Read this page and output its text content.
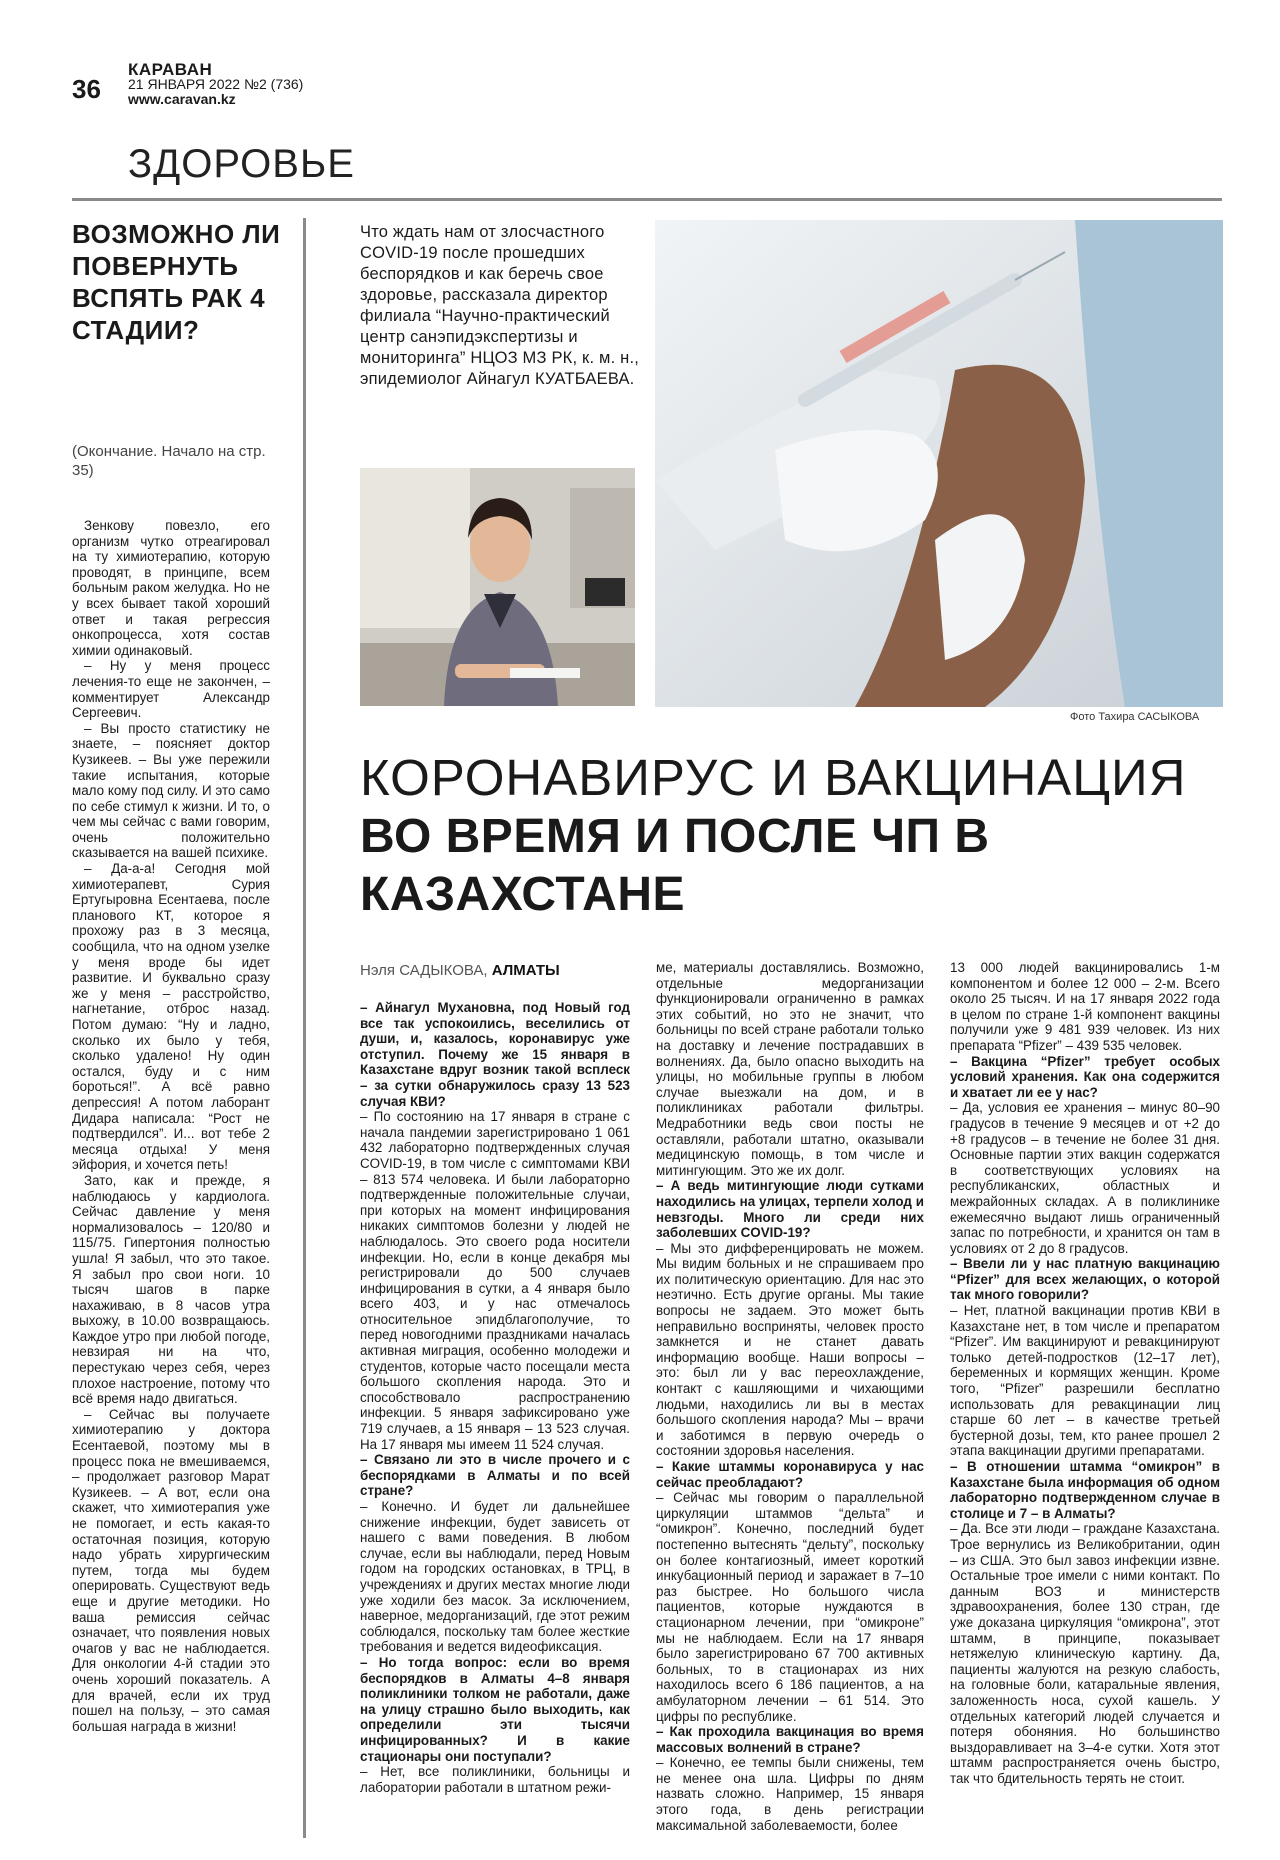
36
КАРАВАН
21 ЯНВАРЯ 2022 №2 (736)
www.caravan.kz
ЗДОРОВЬЕ
ВОЗМОЖНО ЛИ ПОВЕРНУТЬ ВСПЯТЬ РАК 4 СТАДИИ?
(Окончание. Начало на стр. 35)

Зенкову повезло, его организм чутко отреагировал на ту химиотерапию, которую проводят, в принципе, всем больным раком желудка. Но не у всех бывает такой хороший ответ и такая регрессия онкопроцесса, хотя состав химии одинаковый.

– Ну у меня процесс лечения-то еще не закончен, – комментирует Александр Сергеевич.

– Вы просто статистику не знаете, – поясняет доктор Кузикеев. – Вы уже пережили такие испытания, которые мало кому под силу. И это само по себе стимул к жизни. И то, о чем мы сейчас с вами говорим, очень положительно сказывается на вашей психике.

– Да-а-а! Сегодня мой химиотерапевт, Сурия Ертугыровна Есентаева, после планового КТ, которое я прохожу раз в 3 месяца, сообщила, что на одном узелке у меня вроде бы идет развитие. И буквально сразу же у меня – расстройство, нагнетание, отброс назад. Потом думаю: “Ну и ладно, сколько их было у тебя, сколько удалено! Ну один остался, буду и с ним бороться!”. А всё равно депрессия! А потом лаборант Дидара написала: “Рост не подтвердился”. И... вот тебе 2 месяца отдыха! У меня эйфория, и хочется петь!

Зато, как и прежде, я наблюдаюсь у кардиолога. Сейчас давление у меня нормализовалось – 120/80 и 115/75. Гипертония полностью ушла! Я забыл, что это такое. Я забыл про свои ноги. 10 тысяч шагов в парке нахаживаю, в 8 часов утра выхожу, в 10.00 возвращаюсь. Каждое утро при любой погоде, невзирая ни на что, перестукаю через себя, через плохое настроение, потому что всё время надо двигаться.

– Сейчас вы получаете химиотерапию у доктора Есентаевой, поэтому мы в процесс пока не вмешиваемся, – продолжает разговор Марат Кузикеев. – А вот, если она скажет, что химиотерапия уже не помогает, и есть какая-то остаточная позиция, которую надо убрать хирургическим путем, тогда мы будем оперировать. Существуют ведь еще и другие методики. Но ваша ремиссия сейчас означает, что появления новых очагов у вас не наблюдается. Для онкологии 4-й стадии это очень хороший показатель. А для врачей, если их труд пошел на пользу, – это самая большая награда в жизни!

Что ждать нам от злосчастного COVID-19 после прошедших беспорядков и как беречь свое здоровье, рассказала директор филиала “Научно-практический центр санэпидэкспертизы и мониторинга” НЦОЗ МЗ РК, к. м. н., эпидемиолог Айнагул КУАТБАЕВА.
Фото Тахира САСЫКОВА
КОРОНАВИРУС И ВАКЦИНАЦИЯ
ВО ВРЕМЯ И ПОСЛЕ ЧП В КАЗАХСТАНЕ
Нэля САДЫКОВА, АЛМАТЫ

– Айнагул Мухановна, под Новый год все так успокоились, веселились от души, и, казалось, коронавирус уже отступил. Почему же 15 января в Казахстане вдруг возник такой всплеск – за сутки обнаружилось сразу 13 523 случая КВИ?

– По состоянию на 17 января в стране с начала пандемии зарегистрировано 1 061 432 лабораторно подтвержденных случая COVID-19, в том числе с симптомами КВИ – 813 574 человека. И были лабораторно подтвержденные положительные случаи, при которых на момент инфицирования никаких симптомов болезни у людей не наблюдалось. Это своего рода носители инфекции. Но, если в конце декабря мы регистрировали до 500 случаев инфицирования в сутки, а 4 января было всего 403, и у нас отмечалось относительное эпидблагополучие, то перед новогодними праздниками началась активная миграция, особенно молодежи и студентов, которые часто посещали места большого скопления народа. Это и способствовало распространению инфекции. 5 января зафиксировано уже 719 случаев, а 15 января – 13 523 случая. На 17 января мы имеем 11 524 случая.

– Связано ли это в числе прочего и с беспорядками в Алматы и по всей стране?

– Конечно. И будет ли дальнейшее снижение инфекции, будет зависеть от нашего с вами поведения. В любом случае, если вы наблюдали, перед Новым годом на городских остановках, в ТРЦ, в учреждениях и других местах многие люди уже ходили без масок. За исключением, наверное, медорганизаций, где этот режим соблюдался, поскольку там более жесткие требования и ведется видеофиксация.

– Но тогда вопрос: если во время беспорядков в Алматы 4–8 января поликлиники толком не работали, даже на улицу страшно было выходить, как определили эти тысячи инфицированных? И в какие стационары они поступали?

– Нет, все поликлиники, больницы и лаборатории работали в штатном режи-

ме, материалы доставлялись. Возможно, отдельные медорганизации функционировали ограниченно в рамках этих событий, но это не значит, что больницы по всей стране работали только на доставку и лечение пострадавших в волнениях. Да, было опасно выходить на улицы, но мобильные группы в любом случае выезжали на дом, и в поликлиниках работали фильтры. Медработники ведь свои посты не оставляли, работали штатно, оказывали медицинскую помощь, в том числе и митингующим. Это же их долг.

– А ведь митингующие люди сутками находились на улицах, терпели холод и невзгоды. Много ли среди них заболевших COVID-19?

– Мы это дифференцировать не можем. Мы видим больных и не спрашиваем про их политическую ориентацию. Для нас это неэтично. Есть другие органы. Мы такие вопросы не задаем. Это может быть неправильно восприняты, человек просто замкнется и не станет давать информацию вообще. Наши вопросы – это: был ли у вас переохлаждение, контакт с кашляющими и чихающими людьми, находились ли вы в местах большого скопления народа? Мы – врачи и заботимся в первую очередь о состоянии здоровья населения.

– Какие штаммы коронавируса у нас сейчас преобладают?

– Сейчас мы говорим о параллельной циркуляции штаммов “дельта” и “омикрон”. Конечно, последний будет постепенно вытеснять “дельту”, поскольку он более контагиозный, имеет короткий инкубационный период и заражает в 7–10 раз быстрее. Но большого числа пациентов, которые нуждаются в стационарном лечении, при “омикроне” мы не наблюдаем. Если на 17 января было зарегистрировано 67 700 активных больных, то в стационарах из них находилось всего 6 186 пациентов, а на амбулаторном лечении – 61 514. Это цифры по республике.

– Как проходила вакцинация во время массовых волнений в стране?

– Конечно, ее темпы были снижены, тем не менее она шла. Цифры по дням назвать сложно. Например, 15 января этого года, в день регистрации максимальной заболеваемости, более

13 000 людей вакцинировались 1-м компонентом и более 12 000 – 2-м. Всего около 25 тысяч. И на 17 января 2022 года в целом по стране 1-й компонент вакцины получили уже 9 481 939 человек. Из них препарата “Pfizer” – 439 535 человек.

– Вакцина “Pfizer” требует особых условий хранения. Как она содержится и хватает ли ее у нас?

– Да, условия ее хранения – минус 80–90 градусов в течение 9 месяцев и от +2 до +8 градусов – в течение не более 31 дня. Основные партии этих вакцин содержатся в соответствующих условиях на республиканских, областных и межрайонных складах. А в поликлинике ежемесячно выдают лишь ограниченный запас по потребности, и хранится он там в условиях от 2 до 8 градусов.

– Ввели ли у нас платную вакцинацию “Pfizer” для всех желающих, о которой так много говорили?

– Нет, платной вакцинации против КВИ в Казахстане нет, в том числе и препаратом “Pfizer”. Им вакцинируют и ревакцинируют только детей-подростков (12–17 лет), беременных и кормящих женщин. Кроме того, “Pfizer” разрешили бесплатно использовать для ревакцинации лиц старше 60 лет – в качестве третьей бустерной дозы, тем, кто ранее прошел 2 этапа вакцинации другими препаратами.

– В отношении штамма “омикрон” в Казахстане была информация об одном лабораторно подтвержденном случае в столице и 7 – в Алматы?

– Да. Все эти люди – граждане Казахстана. Трое вернулись из Великобритании, один – из США. Это был завоз инфекции извне. Остальные трое имели с ними контакт. По данным ВОЗ и министерств здравоохранения, более 130 стран, где уже доказана циркуляция “омикрона”, этот штамм, в принципе, показывает нетяжелую клиническую картину. Да, пациенты жалуются на резкую слабость, на головные боли, катаральные явления, заложенность носа, сухой кашель. У отдельных категорий людей случается и потеря обоняния. Но большинство выздоравливает на 3–4-е сутки. Хотя этот штамм распространяется очень быстро, так что бдительность терять не стоит.
